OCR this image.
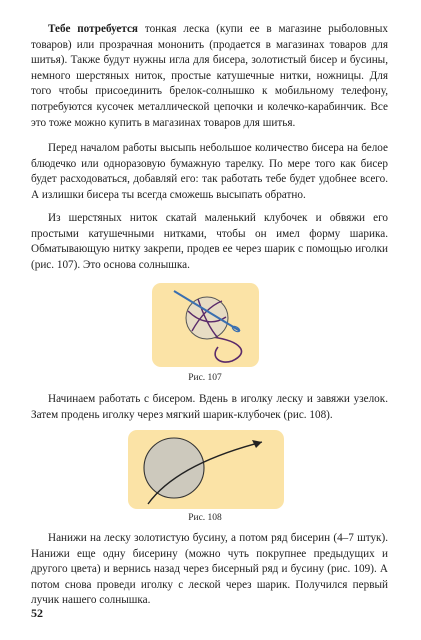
Тебе потребуется тонкая леска (купи ее в магазине рыболовных товаров) или прозрачная мононить (продается в магазинах товаров для шитья). Также будут нужны игла для бисера, золотистый бисер и бусины, немного шерстяных ниток, простые катушечные нитки, ножницы. Для того чтобы присоединить брелок-солнышко к мобильному телефону, потребуются кусочек металлической цепочки и колечко-карабинчик. Все это тоже можно купить в магазинах товаров для шитья.

Перед началом работы высыпь небольшое количество бисера на белое блюдечко или одноразовую бумажную тарелку. По мере того как бисер будет расходоваться, добавляй его: так работать тебе будет удобнее всего. А излишки бисера ты всегда сможешь высыпать обратно.

Из шерстяных ниток скатай маленький клубочек и обвяжи его простыми катушечными нитками, чтобы он имел форму шарика. Обматывающую нитку закрепи, продев ее через шарик с помощью иголки (рис. 107). Это основа солнышка.

Рис. 107

Начинаем работать с бисером. Вдень в иголку леску и завяжи узелок. Затем продень иголку через мягкий шарик-клубочек (рис. 108).

Рис. 108

Нанижи на леску золотистую бусину, а потом ряд бисерин (4–7 штук). Нанижи еще одну бисерину (можно чуть покрупнее предыдущих и другого цвета) и вернись назад через бисерный ряд и бусину (рис. 109). А потом снова проведи иголку с леской через шарик. Получился первый лучик нашего солнышка.

52
